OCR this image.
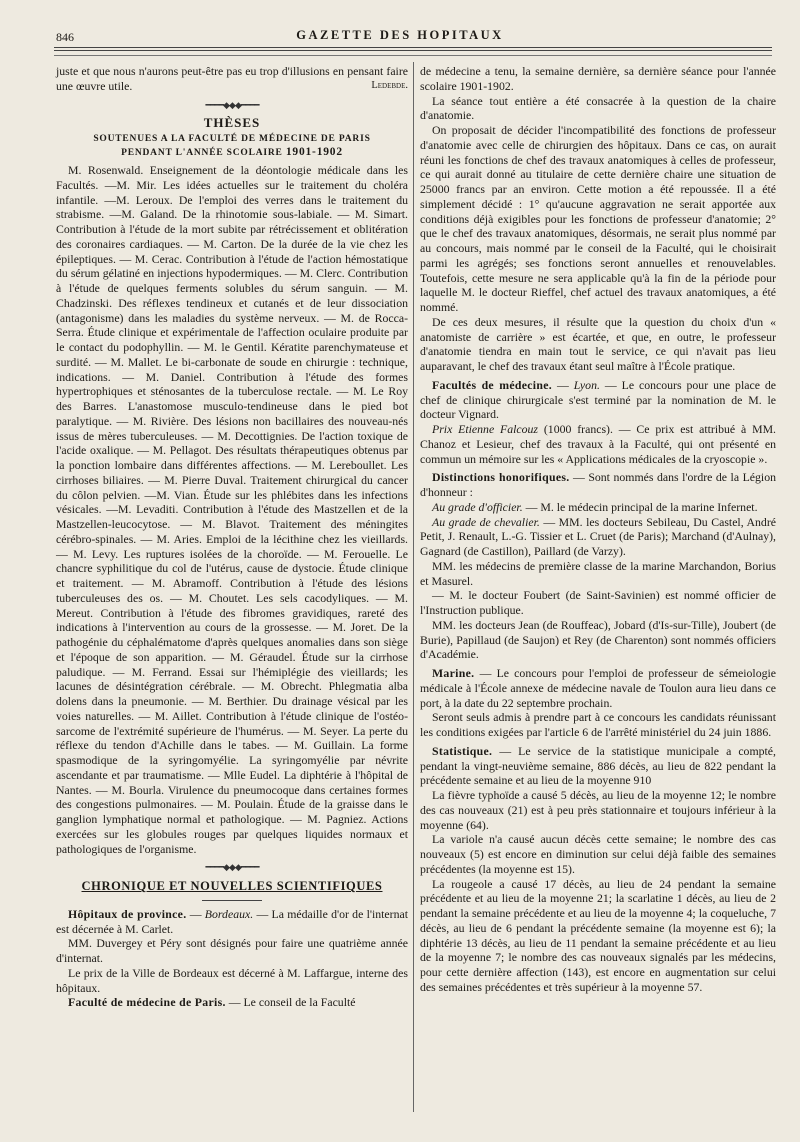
846	GAZETTE DES HOPITAUX

juste et que nous n'aurons peut-être pas eu trop d'illusions en pensant faire une œuvre utile.	Ledebde.

━━━━◆◆◆━━━━
THÈSES
SOUTENUES A LA FACULTÉ DE MÉDECINE DE PARIS
PENDANT L'ANNÉE SCOLAIRE 1901-1902

M. Rosenwald. Enseignement de la déontologie médicale dans les Facultés. —M. Mir. Les idées actuelles sur le traitement du choléra infantile. —M. Leroux. De l'emploi des verres dans le traitement du strabisme. —M. Galand. De la rhinotomie sous-labiale. — M. Simart. Contribution à l'étude de la mort subite par rétrécissement et oblitération des coronaires cardiaques. — M. Carton. De la durée de la vie chez les épileptiques. — M. Cerac. Contribution à l'étude de l'action hémostatique du sérum gélatiné en injections hypodermiques. — M. Clerc. Contribution à l'étude de quelques ferments solubles du sérum sanguin. — M. Chadzinski. Des réflexes tendineux et cutanés et de leur dissociation (antagonisme) dans les maladies du système nerveux. — M. de Rocca-Serra. Étude clinique et expérimentale de l'affection oculaire produite par le contact du podophyllin. — M. le Gentil. Kératite parenchymateuse et surdité. — M. Mallet. Le bi-carbonate de soude en chirurgie : technique, indications. — M. Daniel. Contribution à l'étude des formes hypertrophiques et sténosantes de la tuberculose rectale. — M. Le Roy des Barres. L'anastomose musculo-tendineuse dans le pied bot paralytique. — M. Rivière. Des lésions non bacillaires des nouveau-nés issus de mères tuberculeuses. — M. Decottignies. De l'action toxique de l'acide oxalique. — M. Pellagot. Des résultats thérapeutiques obtenus par la ponction lombaire dans différentes affections. — M. Lereboullet. Les cirrhoses biliaires. — M. Pierre Duval. Traitement chirurgical du cancer du côlon pelvien. —M. Vian. Étude sur les phlébites dans les infections vésicales. —M. Levaditi. Contribution à l'étude des Mastzellen et de la Mastzellen-leucocytose. — M. Blavot. Traitement des méningites cérébro-spinales. — M. Aries. Emploi de la lécithine chez les vieillards. — M. Levy. Les ruptures isolées de la choroïde. — M. Ferouelle. Le chancre syphilitique du col de l'utérus, cause de dystocie. Étude clinique et traitement. — M. Abramoff. Contribution à l'étude des lésions tuberculeuses des os. — M. Choutet. Les sels cacodyliques. — M. Mereut. Contribution à l'étude des fibromes gravidiques, rareté des indications à l'intervention au cours de la grossesse. — M. Joret. De la pathogénie du céphalématome d'après quelques anomalies dans son siège et l'époque de son apparition. — M. Géraudel. Étude sur la cirrhose paludique. — M. Ferrand. Essai sur l'hémiplégie des vieillards; les lacunes de désintégration cérébrale. — M. Obrecht. Phlegmatia alba dolens dans la pneumonie. — M. Berthier. Du drainage vésical par les voies naturelles. — M. Aillet. Contribution à l'étude clinique de l'ostéo-sarcome de l'extrémité supérieure de l'humérus. — M. Seyer. La perte du réflexe du tendon d'Achille dans le tabes. — M. Guillain. La forme spasmodique de la syringomyélie. La syringomyélie par névrite ascendante et par traumatisme. — Mlle Eudel. La diphtérie à l'hôpital de Nantes. — M. Bourla. Virulence du pneumocoque dans certaines formes des congestions pulmonaires. — M. Poulain. Étude de la graisse dans le ganglion lymphatique normal et pathologique. — M. Pagniez. Actions exercées sur les globules rouges par quelques liquides normaux et pathologiques de l'organisme.

━━━━◆◆◆━━━━
CHRONIQUE ET NOUVELLES SCIENTIFIQUES

Hôpitaux de province. — Bordeaux. — La médaille d'or de l'internat est décernée à M. Carlet.

MM. Duvergey et Péry sont désignés pour faire une quatrième année d'internat.

Le prix de la Ville de Bordeaux est décerné à M. Laffargue, interne des hôpitaux.

Faculté de médecine de Paris. — Le conseil de la Faculté

de médecine a tenu, la semaine dernière, sa dernière séance pour l'année scolaire 1901-1902.

La séance tout entière a été consacrée à la question de la chaire d'anatomie.

On proposait de décider l'incompatibilité des fonctions de professeur d'anatomie avec celle de chirurgien des hôpitaux. Dans ce cas, on aurait réuni les fonctions de chef des travaux anatomiques à celles de professeur, ce qui aurait donné au titulaire de cette dernière chaire une situation de 25000 francs par an environ. Cette motion a été repoussée. Il a été simplement décidé : 1° qu'aucune aggravation ne serait apportée aux conditions déjà exigibles pour les fonctions de professeur d'anatomie; 2° que le chef des travaux anatomiques, désormais, ne serait plus nommé par au concours, mais nommé par le conseil de la Faculté, qui le choisirait parmi les agrégés; ses fonctions seront annuelles et renouvelables. Toutefois, cette mesure ne sera applicable qu'à la fin de la période pour laquelle M. le docteur Rieffel, chef actuel des travaux anatomiques, a été nommé.

De ces deux mesures, il résulte que la question du choix d'un « anatomiste de carrière » est écartée, et que, en outre, le professeur d'anatomie tiendra en main tout le service, ce qui n'avait pas lieu auparavant, le chef des travaux étant seul maître à l'École pratique.

Facultés de médecine. — Lyon. — Le concours pour une place de chef de clinique chirurgicale s'est terminé par la nomination de M. le docteur Vignard.

Prix Etienne Falcouz (1000 francs). — Ce prix est attribué à MM. Chanoz et Lesieur, chef des travaux à la Faculté, qui ont présenté en commun un mémoire sur les « Applications médicales de la cryoscopie ».

Distinctions honorifiques. — Sont nommés dans l'ordre de la Légion d'honneur :

Au grade d'officier. — M. le médecin principal de la marine Infernet.

Au grade de chevalier. — MM. les docteurs Sebileau, Du Castel, André Petit, J. Renault, L.-G. Tissier et L. Cruet (de Paris); Marchand (d'Aulnay), Gagnard (de Castillon), Paillard (de Varzy).

MM. les médecins de première classe de la marine Marchandon, Borius et Masurel.

— M. le docteur Foubert (de Saint-Savinien) est nommé officier de l'Instruction publique.

MM. les docteurs Jean (de Rouffeac), Jobard (d'Is-sur-Tille), Joubert (de Burie), Papillaud (de Saujon) et Rey (de Charenton) sont nommés officiers d'Académie.

Marine. — Le concours pour l'emploi de professeur de sémeiologie médicale à l'École annexe de médecine navale de Toulon aura lieu dans ce port, à la date du 22 septembre prochain.

Seront seuls admis à prendre part à ce concours les candidats réunissant les conditions exigées par l'article 6 de l'arrêté ministériel du 24 juin 1886.

Statistique. — Le service de la statistique municipale a compté, pendant la vingt-neuvième semaine, 886 décès, au lieu de 822 pendant la précédente semaine et au lieu de la moyenne 910

La fièvre typhoïde a causé 5 décès, au lieu de la moyenne 12; le nombre des cas nouveaux (21) est à peu près stationnaire et toujours inférieur à la moyenne (64).

La variole n'a causé aucun décès cette semaine; le nombre des cas nouveaux (5) est encore en diminution sur celui déjà faible des semaines précédentes (la moyenne est 15).

La rougeole a causé 17 décès, au lieu de 24 pendant la semaine précédente et au lieu de la moyenne 21; la scarlatine 1 décès, au lieu de 2 pendant la semaine précédente et au lieu de la moyenne 4; la coqueluche, 7 décès, au lieu de 6 pendant la précédente semaine (la moyenne est 6); la diphtérie 13 décès, au lieu de 11 pendant la semaine précédente et au lieu de la moyenne 7; le nombre des cas nouveaux signalés par les médecins, pour cette dernière affection (143), est encore en augmentation sur celui des semaines précédentes et très supérieur à la moyenne 57.
